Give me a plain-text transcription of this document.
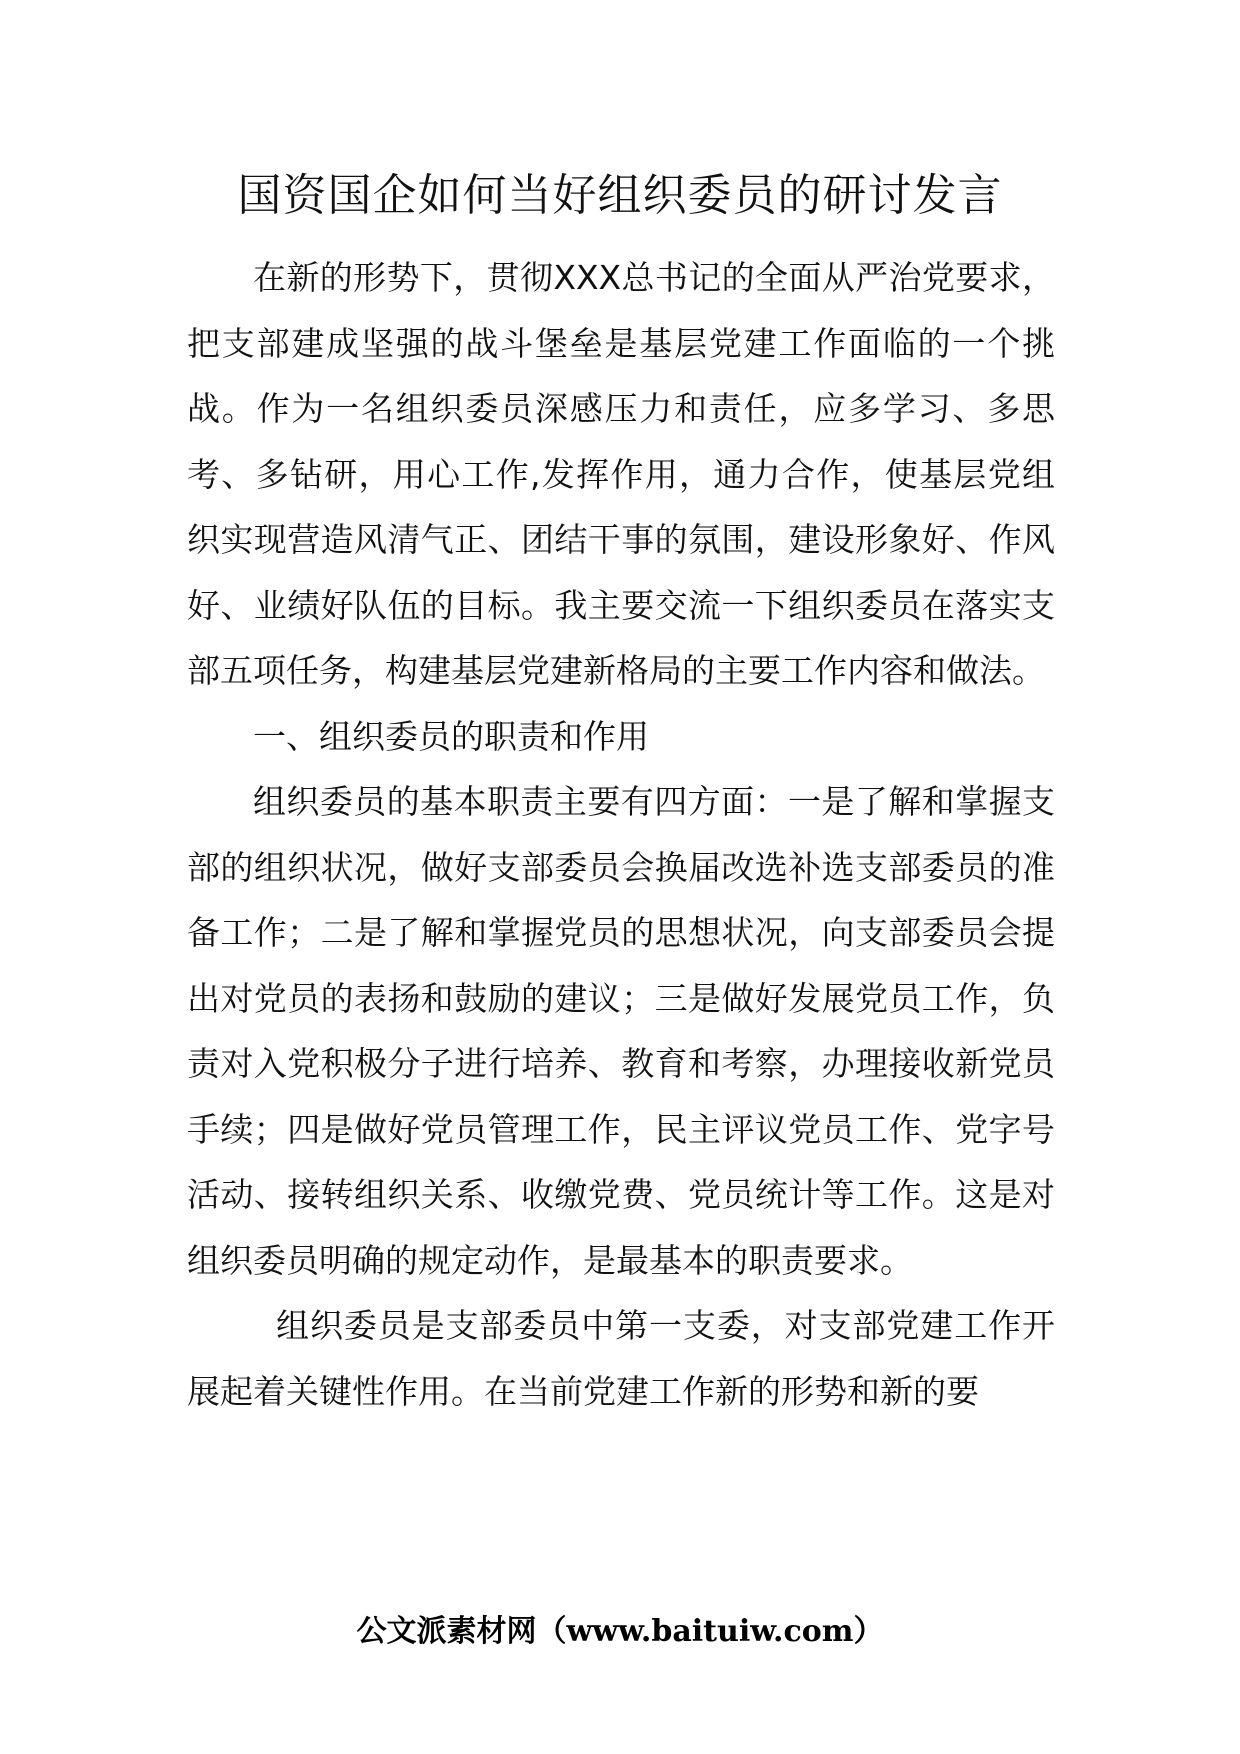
国资国企如何当好组织委员的研讨发言

在新的形势下，贯彻XXX总书记的全面从严治党要求，把支部建成坚强的战斗堡垒是基层党建工作面临的一个挑战。作为一名组织委员深感压力和责任，应多学习、多思考、多钻研，用心工作,发挥作用，通力合作，使基层党组织实现营造风清气正、团结干事的氛围，建设形象好、作风好、业绩好队伍的目标。我主要交流一下组织委员在落实支部五项任务，构建基层党建新格局的主要工作内容和做法。

一、组织委员的职责和作用

组织委员的基本职责主要有四方面：一是了解和掌握支部的组织状况，做好支部委员会换届改选补选支部委员的准备工作；二是了解和掌握党员的思想状况，向支部委员会提出对党员的表扬和鼓励的建议；三是做好发展党员工作，负责对入党积极分子进行培养、教育和考察，办理接收新党员手续；四是做好党员管理工作，民主评议党员工作、党字号活动、接转组织关系、收缴党费、党员统计等工作。这是对组织委员明确的规定动作，是最基本的职责要求。

组织委员是支部委员中第一支委，对支部党建工作开展起着关键性作用。在当前党建工作新的形势和新的要

公文派素材网（www.baituiw.com）
